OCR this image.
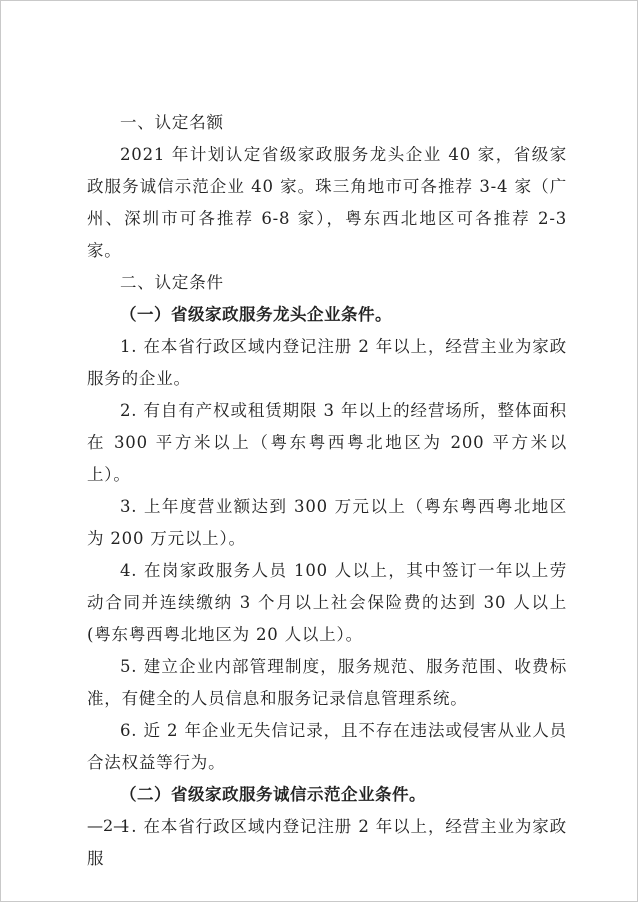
一、认定名额

2021 年计划认定省级家政服务龙头企业 40 家，省级家政服务诚信示范企业 40 家。珠三角地市可各推荐 3-4 家（广州、深圳市可各推荐 6-8 家），粤东西北地区可各推荐 2-3 家。

二、认定条件

（一）省级家政服务龙头企业条件。

1. 在本省行政区域内登记注册 2 年以上，经营主业为家政服务的企业。

2. 有自有产权或租赁期限 3 年以上的经营场所，整体面积在 300 平方米以上（粤东粤西粤北地区为 200 平方米以上）。

3. 上年度营业额达到 300 万元以上（粤东粤西粤北地区为 200 万元以上）。

4. 在岗家政服务人员 100 人以上，其中签订一年以上劳动合同并连续缴纳 3 个月以上社会保险费的达到 30 人以上(粤东粤西粤北地区为 20 人以上）。

5. 建立企业内部管理制度，服务规范、服务范围、收费标准，有健全的人员信息和服务记录信息管理系统。

6. 近 2 年企业无失信记录，且不存在违法或侵害从业人员合法权益等行为。

（二）省级家政服务诚信示范企业条件。

1. 在本省行政区域内登记注册 2 年以上，经营主业为家政服

—2—
